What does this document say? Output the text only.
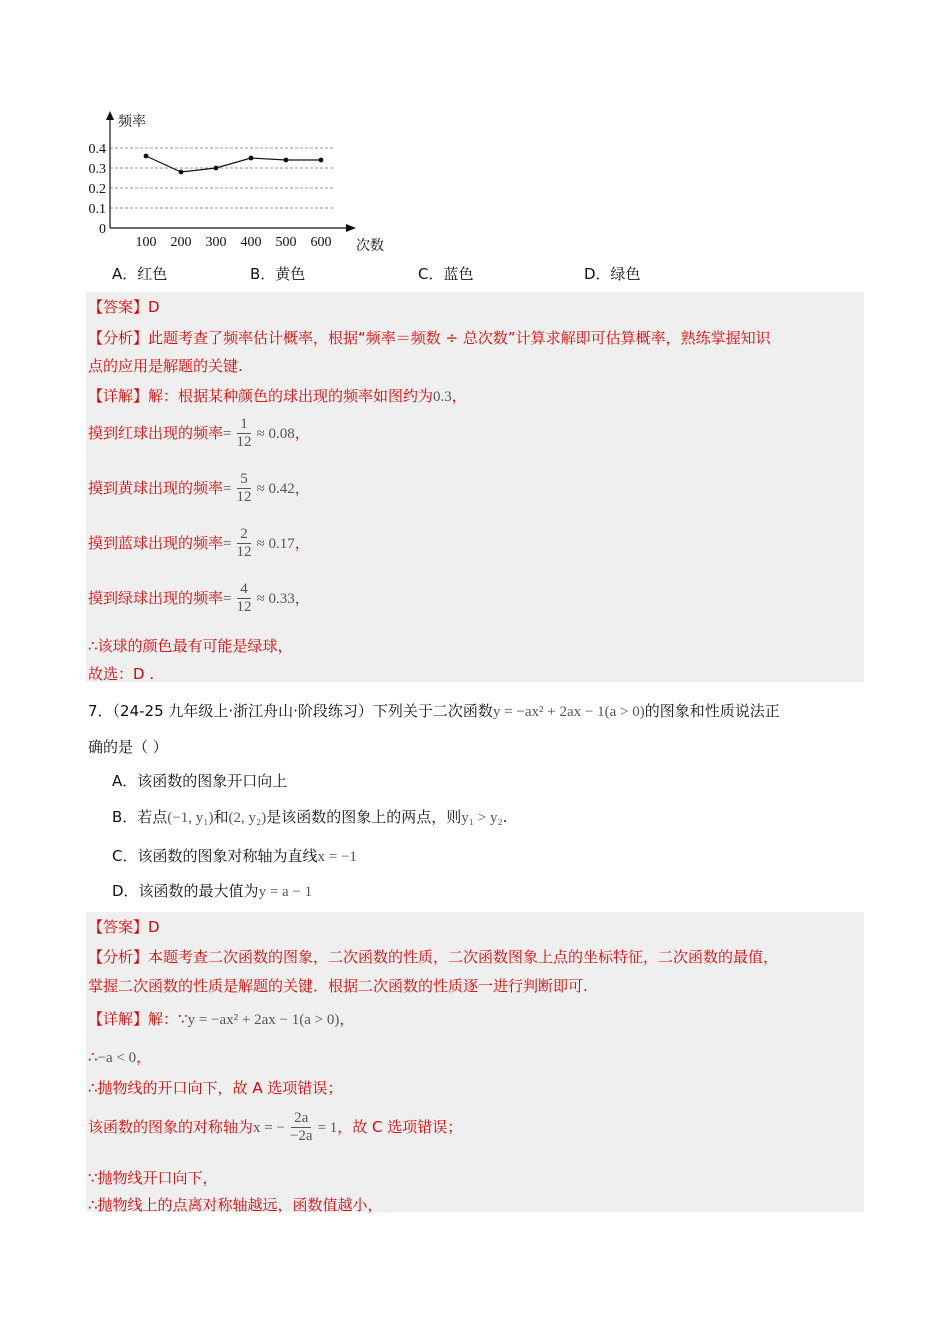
0.4
0.3
0.2
0.1
0
频率
100 200 300 400 500 600 次数
A．红色	B．黄色	C．蓝色	D．绿色
【答案】D
【分析】此题考查了频率估计概率，根据“频率＝频数 ÷ 总次数”计算求解即可估算概率，熟练掌握知识
点的应用是解题的关键.
【详解】解：根据某种颜色的球出现的频率如图约为0.3，
摸到红球出现的频率= $\frac{1}{12} \approx 0.08$，
摸到黄球出现的频率= $\frac{5}{12} \approx 0.42$，
摸到蓝球出现的频率= $\frac{2}{12} \approx 0.17$，
摸到绿球出现的频率= $\frac{4}{12} \approx 0.33$，
∴该球的颜色最有可能是绿球，
故选：D .
7．（24-25 九年级上·浙江舟山·阶段练习）下列关于二次函数y = −ax² + 2ax − 1(a > 0)的图象和性质说法正
确的是（ ）
A．该函数的图象开口向上
B．若点(−1, y₁)和(2, y₂)是该函数的图象上的两点，则y₁ > y₂.
C．该函数的图象对称轴为直线x = −1
D．该函数的最大值为y = a − 1
【答案】D
【分析】本题考查二次函数的图象，二次函数的性质，二次函数图象上点的坐标特征，二次函数的最值，
掌握二次函数的性质是解题的关键．根据二次函数的性质逐一进行判断即可.
【详解】解：∵y = −ax² + 2ax − 1(a > 0)，
∴−a < 0，
∴抛物线的开口向下，故 A 选项错误；
该函数的图象的对称轴为x = − $\frac{2a}{-2a} = 1$，故 C 选项错误；
∵抛物线开口向下，
∴抛物线上的点离对称轴越远，函数值越小，
